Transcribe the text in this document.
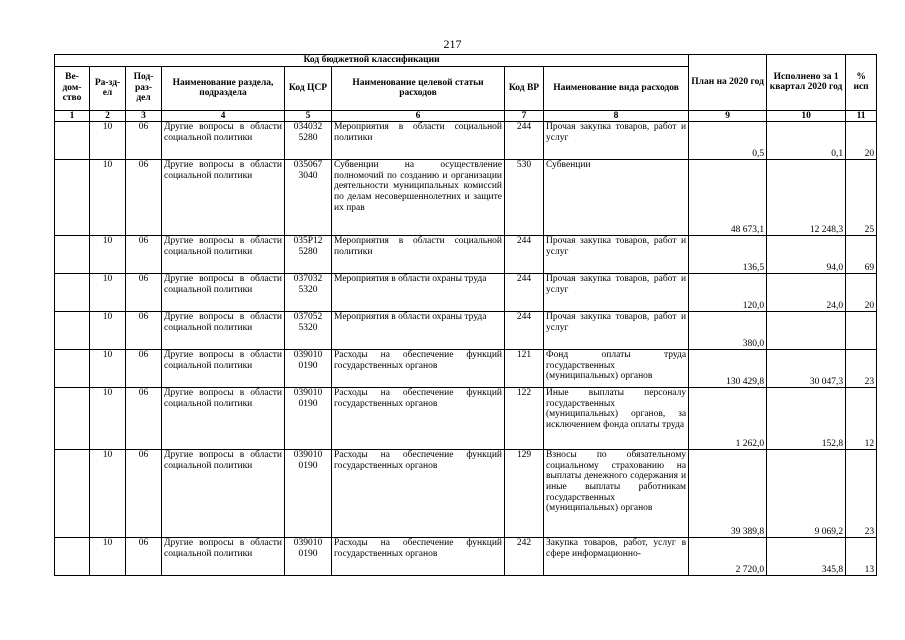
217
Код бюджетной классификации								План на 2020 год	Исполнено за 1 квартал 2020 год	% исп
Ве-дом-ство	Ра-зд-ел	Под-раз-дел	Наименование раздела, подраздела	Код ЦСР	Наименование целевой статьи расходов	Код ВР	Наименование вида расходов			
1	2	3	4	5	6	7	8	9	10	11
	10	06	Другие вопросы в области социальной политики	034032 5280	Мероприятия в области социальной политики	244	Прочая закупка товаров, работ и услуг	0,5	0,1	20
	10	06	Другие вопросы в области социальной политики	035067 3040	Субвенции на осуществление полномочий по созданию и организации деятельности муниципальных комиссий по делам несовершеннолетних и защите их прав	530	Субвенции	48 673,1	12 248,3	25
	10	06	Другие вопросы в области социальной политики	035Р12 5280	Мероприятия в области социальной политики	244	Прочая закупка товаров, работ и услуг	136,5	94,0	69
	10	06	Другие вопросы в области социальной политики	037032 5320	Мероприятия в области охраны труда	244	Прочая закупка товаров, работ и услуг	120,0	24,0	20
	10	06	Другие вопросы в области социальной политики	037052 5320	Мероприятия в области охраны труда	244	Прочая закупка товаров, работ и услуг	380,0		
	10	06	Другие вопросы в области социальной политики	039010 0190	Расходы на обеспечение функций государственных органов	121	Фонд оплаты труда государственных (муниципальных) органов	130 429,8	30 047,3	23
	10	06	Другие вопросы в области социальной политики	039010 0190	Расходы на обеспечение функций государственных органов	122	Иные выплаты персоналу государственных (муниципальных) органов, за исключением фонда оплаты труда	1 262,0	152,8	12
	10	06	Другие вопросы в области социальной политики	039010 0190	Расходы на обеспечение функций государственных органов	129	Взносы по обязательному социальному страхованию на выплаты денежного содержания и иные выплаты работникам государственных (муниципальных) органов	39 389,8	9 069,2	23
	10	06	Другие вопросы в области социальной политики	039010 0190	Расходы на обеспечение функций государственных органов	242	Закупка товаров, работ, услуг в сфере информационно-	2 720,0	345,8	13
